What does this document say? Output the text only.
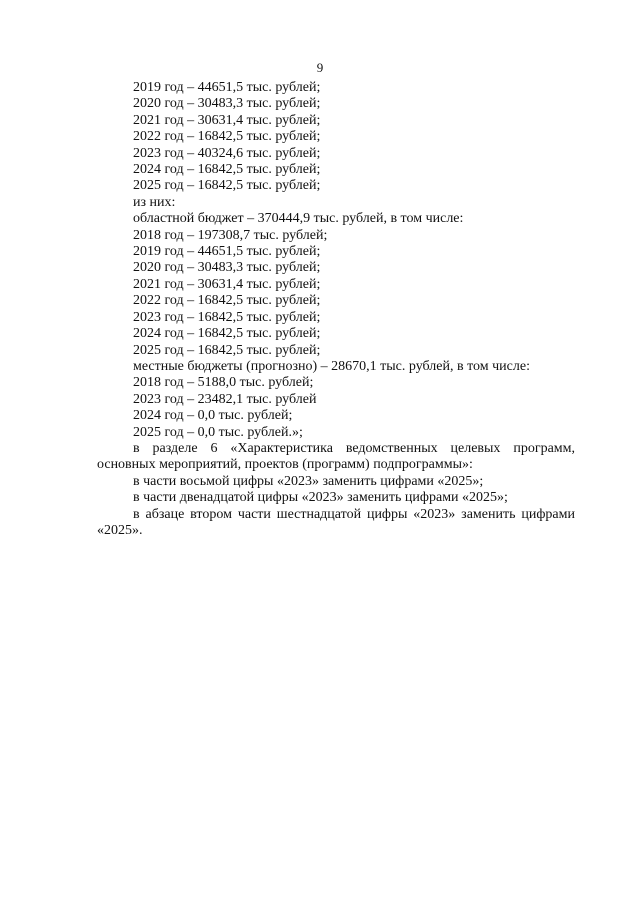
9
2019 год – 44651,5 тыс. рублей;
2020 год – 30483,3 тыс. рублей;
2021 год – 30631,4 тыс. рублей;
2022 год – 16842,5 тыс. рублей;
2023 год – 40324,6 тыс. рублей;
2024 год – 16842,5 тыс. рублей;
2025 год – 16842,5 тыс. рублей;
из них:
областной бюджет – 370444,9 тыс. рублей, в том числе:
2018 год – 197308,7 тыс. рублей;
2019 год – 44651,5 тыс. рублей;
2020 год – 30483,3 тыс. рублей;
2021 год – 30631,4 тыс. рублей;
2022 год – 16842,5 тыс. рублей;
2023 год – 16842,5 тыс. рублей;
2024 год – 16842,5 тыс. рублей;
2025 год – 16842,5 тыс. рублей;
местные бюджеты (прогнозно) – 28670,1 тыс. рублей, в том числе:
2018 год – 5188,0 тыс. рублей;
2023 год – 23482,1 тыс. рублей
2024 год – 0,0 тыс. рублей;
2025 год – 0,0 тыс. рублей.»;
в разделе 6 «Характеристика ведомственных целевых программ,
основных мероприятий, проектов (программ) подпрограммы»:
в части восьмой цифры «2023» заменить цифрами «2025»;
в части двенадцатой цифры «2023» заменить цифрами «2025»;
в абзаце втором части шестнадцатой цифры «2023» заменить цифрами
«2025».
